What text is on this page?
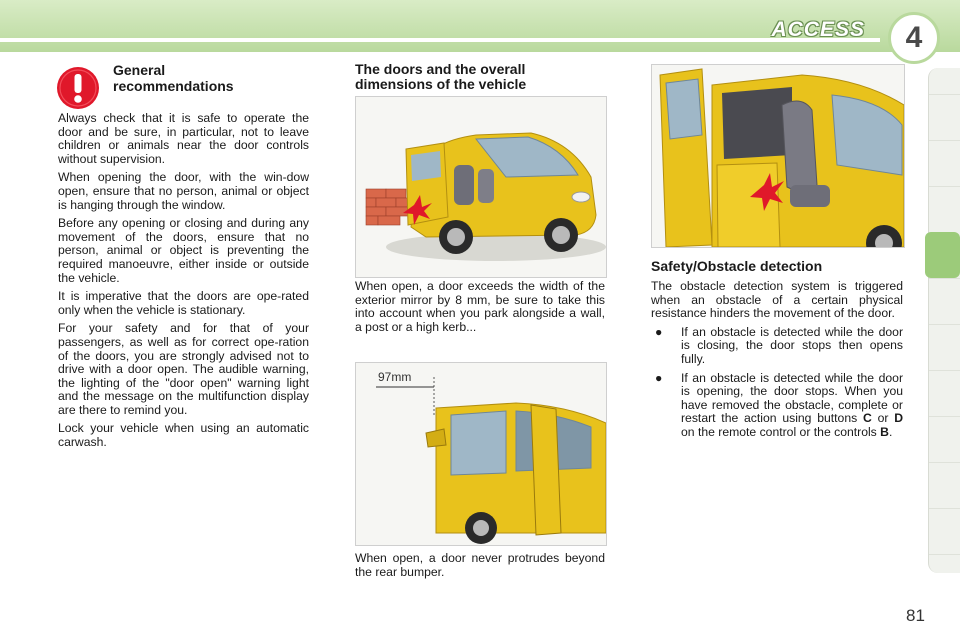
ACCESS	4
General
recommendations

Always check that it is safe to operate the door and be sure, in particular, not to leave children or animals near the door controls without supervision.

When opening the door, with the win-dow open, ensure that no person, animal or object is hanging through the window.

Before any opening or closing and during any movement of the doors, ensure that no person, animal or object is preventing the required manoeuvre, either inside or outside the vehicle.

It is imperative that the doors are ope-rated only when the vehicle is stationary.

For your safety and for that of your passengers, as well as for correct ope-ration of the doors, you are strongly advised not to drive with a door open. The audible warning, the lighting of the "door open" warning light and the message on the multifunction display are there to remind you.

Lock your vehicle when using an automatic carwash.

The doors and the overall
dimensions of the vehicle
When open, a door exceeds the width of the exterior mirror by 8 mm, be sure to take this into account when you park alongside a wall, a post or a high kerb...
97mm
When open, a door never protrudes beyond the rear bumper.
Safety/Obstacle detection

The obstacle detection system is triggered when an obstacle of a certain physical resistance hinders the movement of the door.

● If an obstacle is detected while the door is closing, the door stops then opens fully.
● If an obstacle is detected while the door is opening, the door stops. When you have removed the obstacle, complete or restart the action using buttons C or D on the remote control or the controls B.
81
